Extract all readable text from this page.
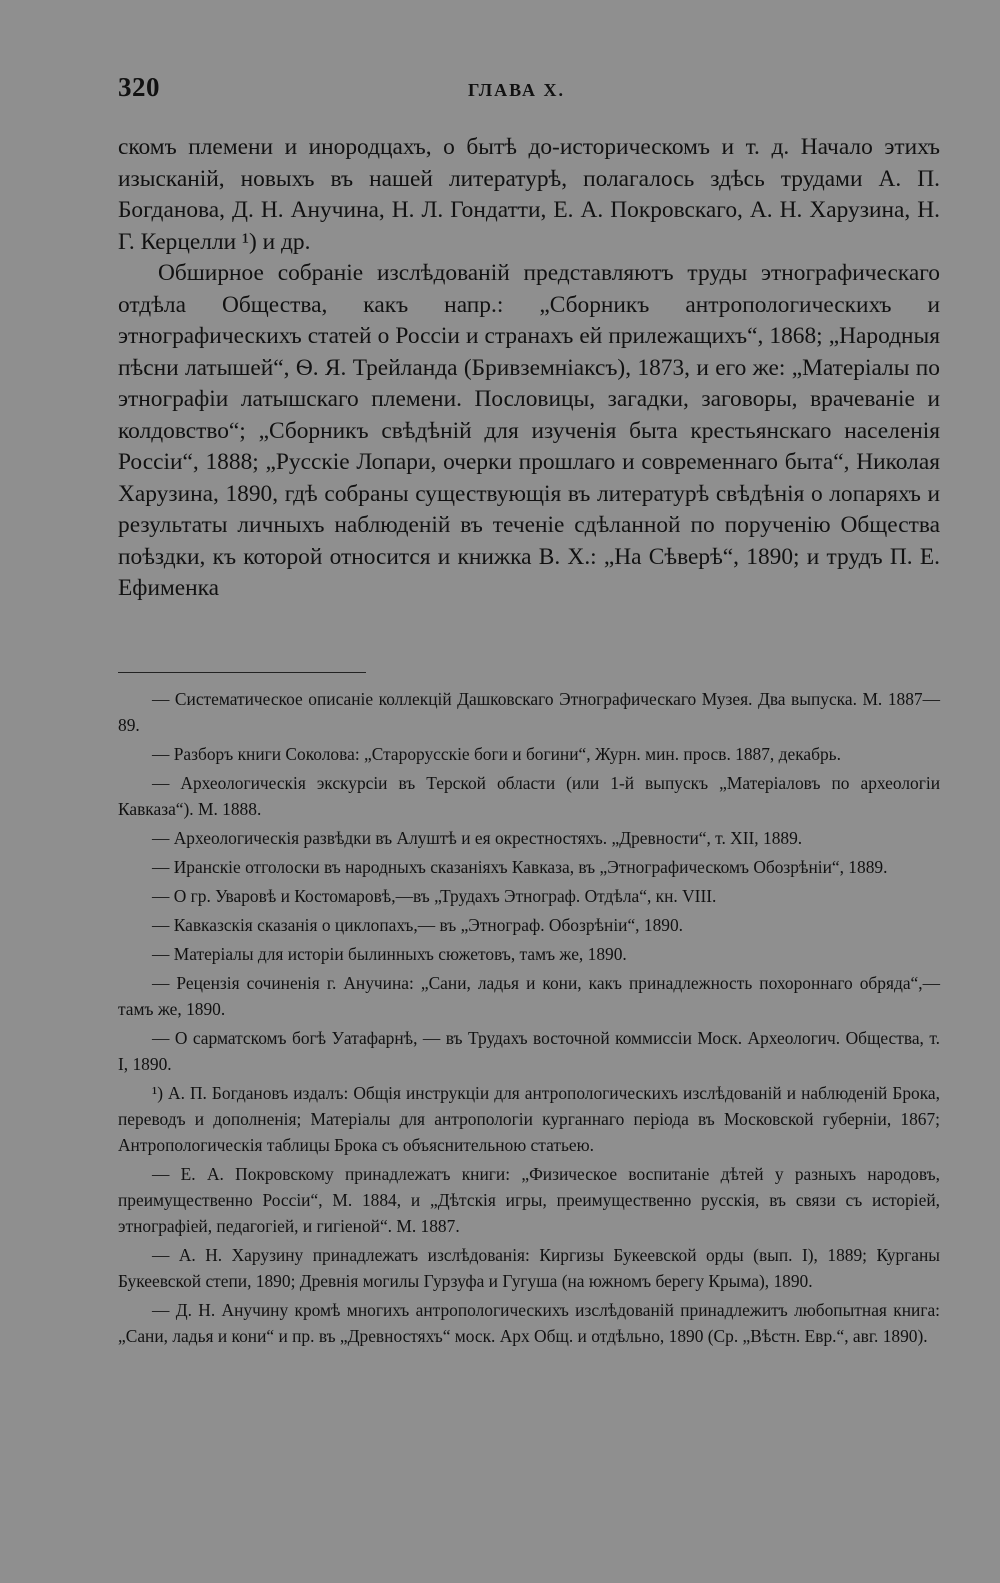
320	ГЛАВА X.

скомъ племени и инородцахъ, о бытѣ до-историческомъ и т. д. Начало этихъ изысканій, новыхъ въ нашей литературѣ, полагалось здѣсь трудами А. П. Богданова, Д. Н. Анучина, Н. Л. Гондатти, Е. А. Покровскаго, А. Н. Харузина, Н. Г. Керцелли ¹) и др.

Обширное собраніе изслѣдованій представляютъ труды этнографическаго отдѣла Общества, какъ напр.: „Сборникъ антропологическихъ и этнографическихъ статей о Россіи и странахъ ей прилежащихъ“, 1868; „Народныя пѣсни латышей“, Ѳ. Я. Трейланда (Бривземніаксъ), 1873, и его же: „Матеріалы по этнографіи латышскаго племени. Пословицы, загадки, заговоры, врачеваніе и колдовство“; „Сборникъ свѣдѣній для изученія быта крестьянскаго населенія Россіи“, 1888; „Русскіе Лопари, очерки прошлаго и современнаго быта“, Николая Харузина, 1890, гдѣ собраны существующія въ литературѣ свѣдѣнія о лопаряхъ и результаты личныхъ наблюденій въ теченіе сдѣланной по порученію Общества поѣздки, къ которой относится и книжка В. Х.: „На Сѣверѣ“, 1890; и трудъ П. Е. Ефименка

— Систематическое описаніе коллекцій Дашковскаго Этнографическаго Музея. Два выпуска. М. 1887—89.

— Разборъ книги Соколова: „Старорусскіе боги и богини“, Журн. мин. просв. 1887, декабрь.

— Археологическія экскурсіи въ Терской области (или 1-й выпускъ „Матеріаловъ по археологіи Кавказа“). М. 1888.

— Археологическія развѣдки въ Алуштѣ и ея окрестностяхъ. „Древности“, т. XII, 1889.

— Иранскіе отголоски въ народныхъ сказаніяхъ Кавказа, въ „Этнографическомъ Обозрѣніи“, 1889.

— О гр. Уваровѣ и Костомаровѣ,—въ „Трудахъ Этнограф. Отдѣла“, кн. VIII.

— Кавказскія сказанія о циклопахъ,— въ „Этнограф. Обозрѣніи“, 1890.

— Матеріалы для исторіи былинныхъ сюжетовъ, тамъ же, 1890.

— Рецензія сочиненія г. Анучина: „Сани, ладья и кони, какъ принадлежность похороннаго обряда“,—тамъ же, 1890.

— О сарматскомъ богѣ Уатафарнѣ, — въ Трудахъ восточной коммиссіи Моск. Археологич. Общества, т. I, 1890.

¹) А. П. Богдановъ издалъ: Общія инструкціи для антропологическихъ изслѣдованій и наблюденій Брока, переводъ и дополненія; Матеріалы для антропологіи курганнаго періода въ Московской губерніи, 1867; Антропологическія таблицы Брока съ объяснительною статьею.

— Е. А. Покровскому принадлежатъ книги: „Физическое воспитаніе дѣтей у разныхъ народовъ, преимущественно Россіи“, М. 1884, и „Дѣтскія игры, преимущественно русскія, въ связи съ исторіей, этнографіей, педагогіей, и гигіеной“. М. 1887.

— А. Н. Харузину принадлежатъ изслѣдованія: Киргизы Букеевской орды (вып. I), 1889; Курганы Букеевской степи, 1890; Древнія могилы Гурзуфа и Гугуша (на южномъ берегу Крыма), 1890.

— Д. Н. Анучину кромѣ многихъ антропологическихъ изслѣдованій принадлежитъ любопытная книга: „Сани, ладья и кони“ и пр. въ „Древностяхъ“ моск. Арх Общ. и отдѣльно, 1890 (Ср. „Вѣстн. Евр.“, авг. 1890).
